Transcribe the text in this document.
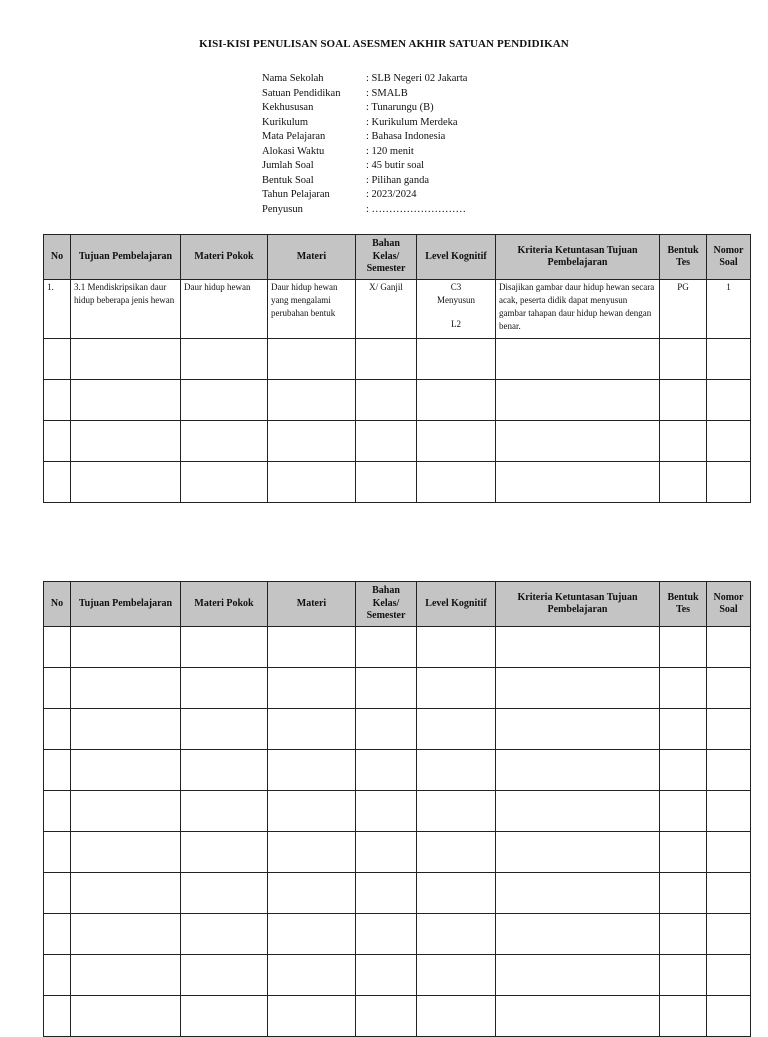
KISI-KISI PENULISAN SOAL ASESMEN AKHIR SATUAN PENDIDIKAN
Nama Sekolah	: SLB Negeri 02 Jakarta
Satuan Pendidikan	: SMALB
Kekhususan	: Tunarungu (B)
Kurikulum	: Kurikulum Merdeka
Mata Pelajaran	: Bahasa Indonesia
Alokasi Waktu	: 120 menit
Jumlah Soal	: 45 butir soal
Bentuk Soal	: Pilihan ganda
Tahun Pelajaran	: 2023/2024
Penyusun	: ………………………
No	Tujuan Pembelajaran	Materi Pokok	Materi	Bahan Kelas/ Semester	Level Kognitif	Kriteria Ketuntasan Tujuan Pembelajaran	Bentuk Tes	Nomor Soal
1.	3.1 Mendiskripsikan daur hidup beberapa jenis hewan	Daur hidup hewan	Daur hidup hewan yang mengalami perubahan bentuk	X/ Ganjil	C3
Menyusun
L2	Disajikan gambar daur hidup hewan secara acak, peserta didik dapat menyusun gambar tahapan daur hidup hewan dengan benar.	PG	1

No	Tujuan Pembelajaran	Materi Pokok	Materi	Bahan Kelas/ Semester	Level Kognitif	Kriteria Ketuntasan Tujuan Pembelajaran	Bentuk Tes	Nomor Soal
